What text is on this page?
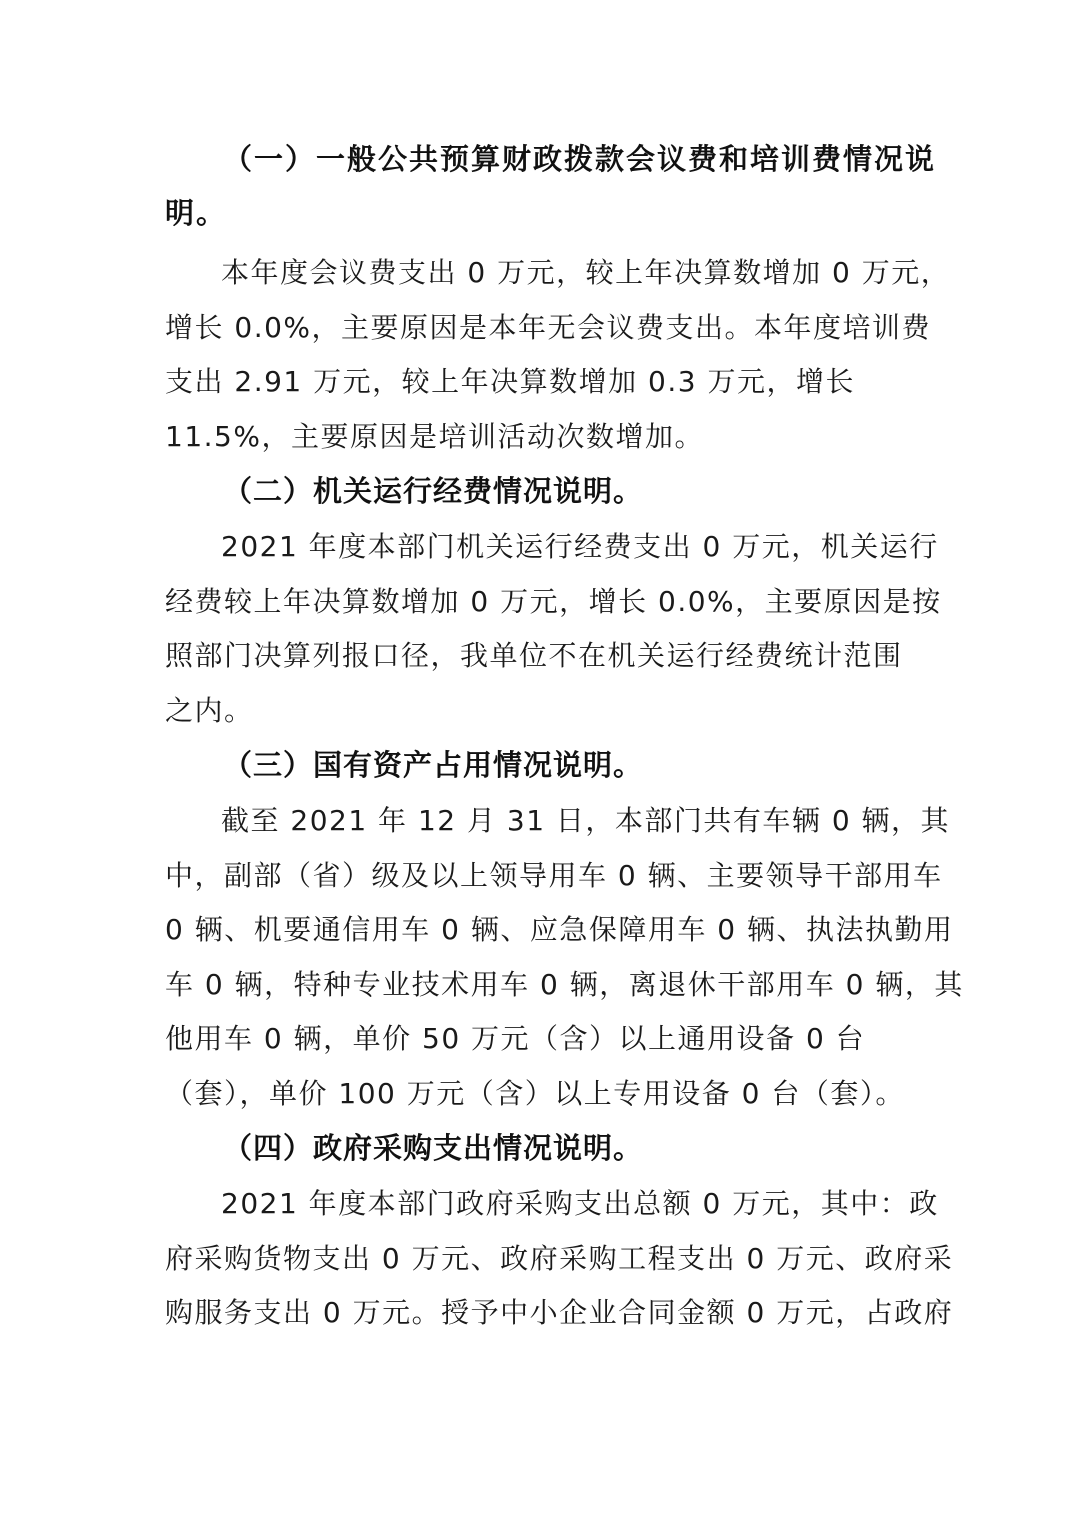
（一）一般公共预算财政拨款会议费和培训费情况说
明。

本年度会议费支出 0 万元，较上年决算数增加 0 万元，
增长 0.0%，主要原因是本年无会议费支出。本年度培训费
支出 2.91 万元，较上年决算数增加 0.3 万元，增长
11.5%，主要原因是培训活动次数增加。

（二）机关运行经费情况说明。

2021 年度本部门机关运行经费支出 0 万元，机关运行
经费较上年决算数增加 0 万元，增长 0.0%，主要原因是按
照部门决算列报口径，我单位不在机关运行经费统计范围
之内。

（三）国有资产占用情况说明。

截至 2021 年 12 月 31 日，本部门共有车辆 0 辆，其
中，副部（省）级及以上领导用车 0 辆、主要领导干部用车
0 辆、机要通信用车 0 辆、应急保障用车 0 辆、执法执勤用
车 0 辆，特种专业技术用车 0 辆，离退休干部用车 0 辆，其
他用车 0 辆，单价 50 万元（含）以上通用设备 0 台
（套），单价 100 万元（含）以上专用设备 0 台（套）。

（四）政府采购支出情况说明。

2021 年度本部门政府采购支出总额 0 万元，其中：政
府采购货物支出 0 万元、政府采购工程支出 0 万元、政府采
购服务支出 0 万元。授予中小企业合同金额 0 万元，占政府
